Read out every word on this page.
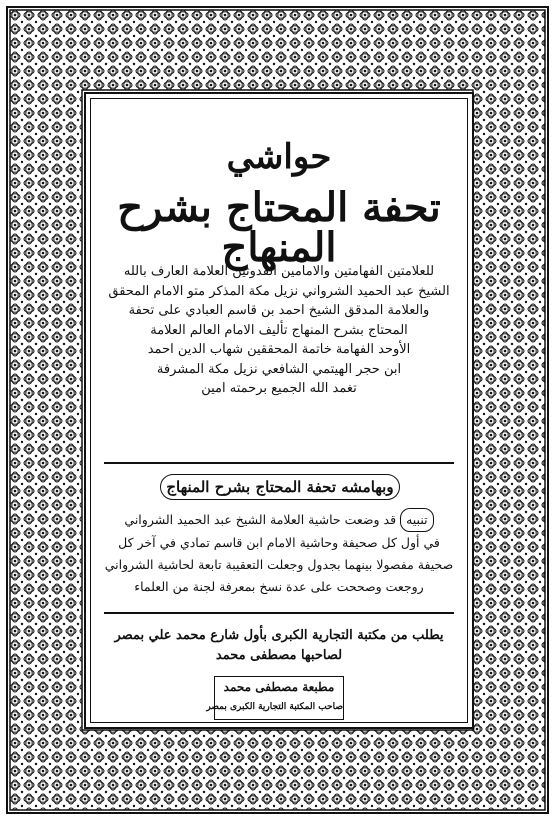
حواشي
تحفة المحتاج بشرح المنهاج
للعلامتين الفهامتين والامامين القدوتين العلامة العارف بالله
الشيخ عبد الحميد الشرواني نزيل مكة المذكر متو الامام المحقق
والعلامة المدقق الشيخ احمد بن قاسم العبادي على تحفة
المحتاج بشرح المنهاج تأليف الامام العالم العلامة
الأوحد الفهامة خاتمة المحققين شهاب الدين احمد
ابن حجر الهيتمي الشافعي نزيل مكة المشرفة
تغمد الله الجميع برحمته امين
وبهامشه تحفة المحتاج بشرح المنهاج
تنبيهقد وضعت حاشية العلامة الشيخ عبد الحميد الشرواني
في أول كل صحيفة وحاشية الامام ابن قاسم تمادي في آخر كل
صحيفة مفصولا بينهما بجدول وجعلت التعقيبة تابعة لحاشية الشرواني
روجعت وصححت على عدة نسخ بمعرفة لجنة من العلماء
يطلب من مكتبة التجارية الكبرى بأول شارع محمد علي بمصر
لصاحبها مصطفى محمد
مطبعة مصطفى محمد
صاحب المكتبة التجارية الكبرى بمصر
